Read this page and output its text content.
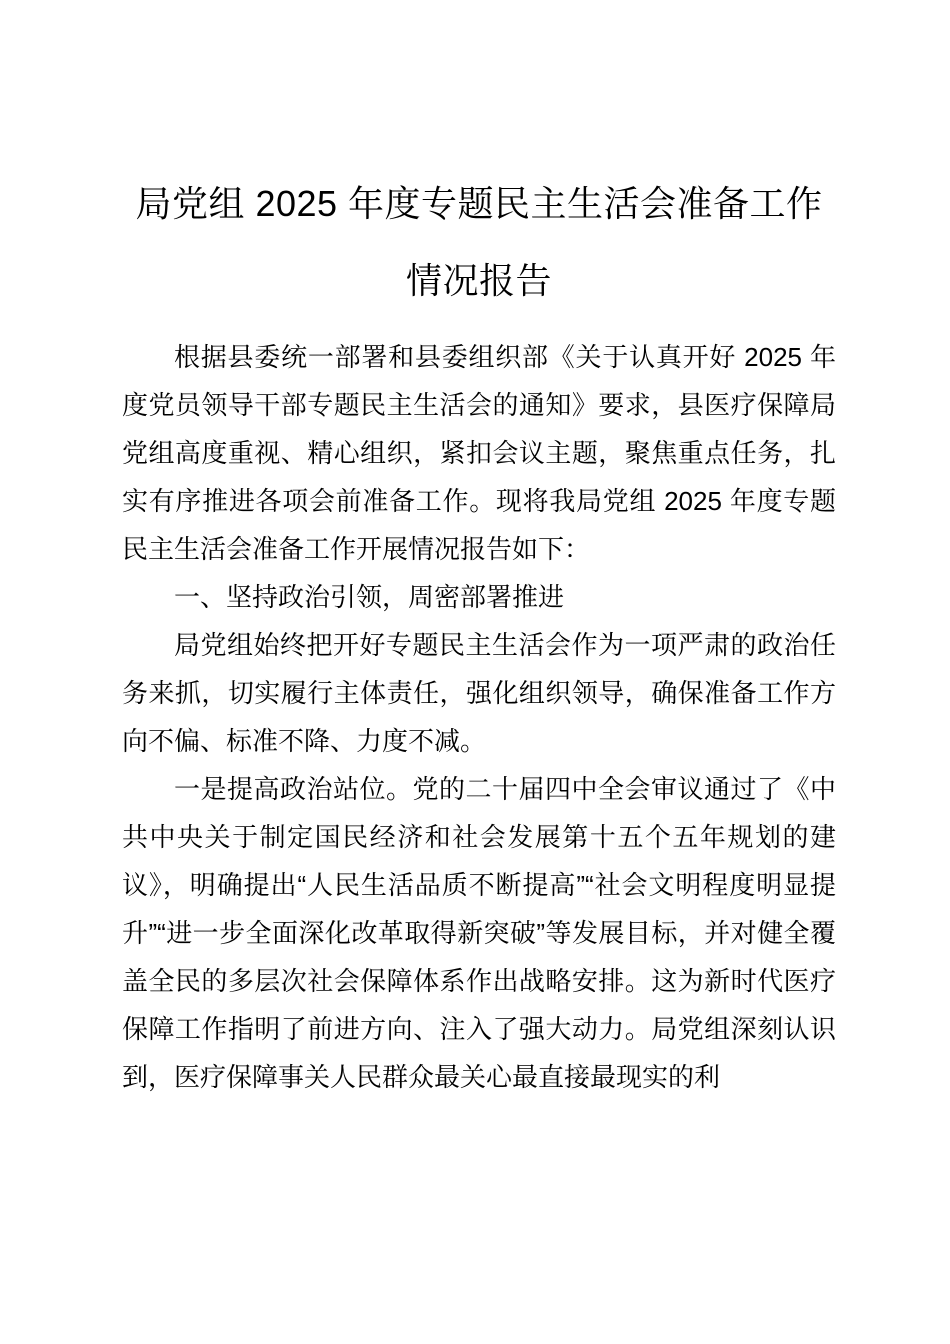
局党组 2025 年度专题民主生活会准备工作
情况报告

根据县委统一部署和县委组织部《关于认真开好 2025 年度党员领导干部专题民主生活会的通知》要求，县医疗保障局党组高度重视、精心组织，紧扣会议主题，聚焦重点任务，扎实有序推进各项会前准备工作。现将我局党组 2025 年度专题民主生活会准备工作开展情况报告如下：

一、坚持政治引领，周密部署推进

局党组始终把开好专题民主生活会作为一项严肃的政治任务来抓，切实履行主体责任，强化组织领导，确保准备工作方向不偏、标准不降、力度不减。

一是提高政治站位。党的二十届四中全会审议通过了《中共中央关于制定国民经济和社会发展第十五个五年规划的建议》，明确提出“人民生活品质不断提高”“社会文明程度明显提升”“进一步全面深化改革取得新突破”等发展目标，并对健全覆盖全民的多层次社会保障体系作出战略安排。这为新时代医疗保障工作指明了前进方向、注入了强大动力。局党组深刻认识到，医疗保障事关人民群众最关心最直接最现实的利
